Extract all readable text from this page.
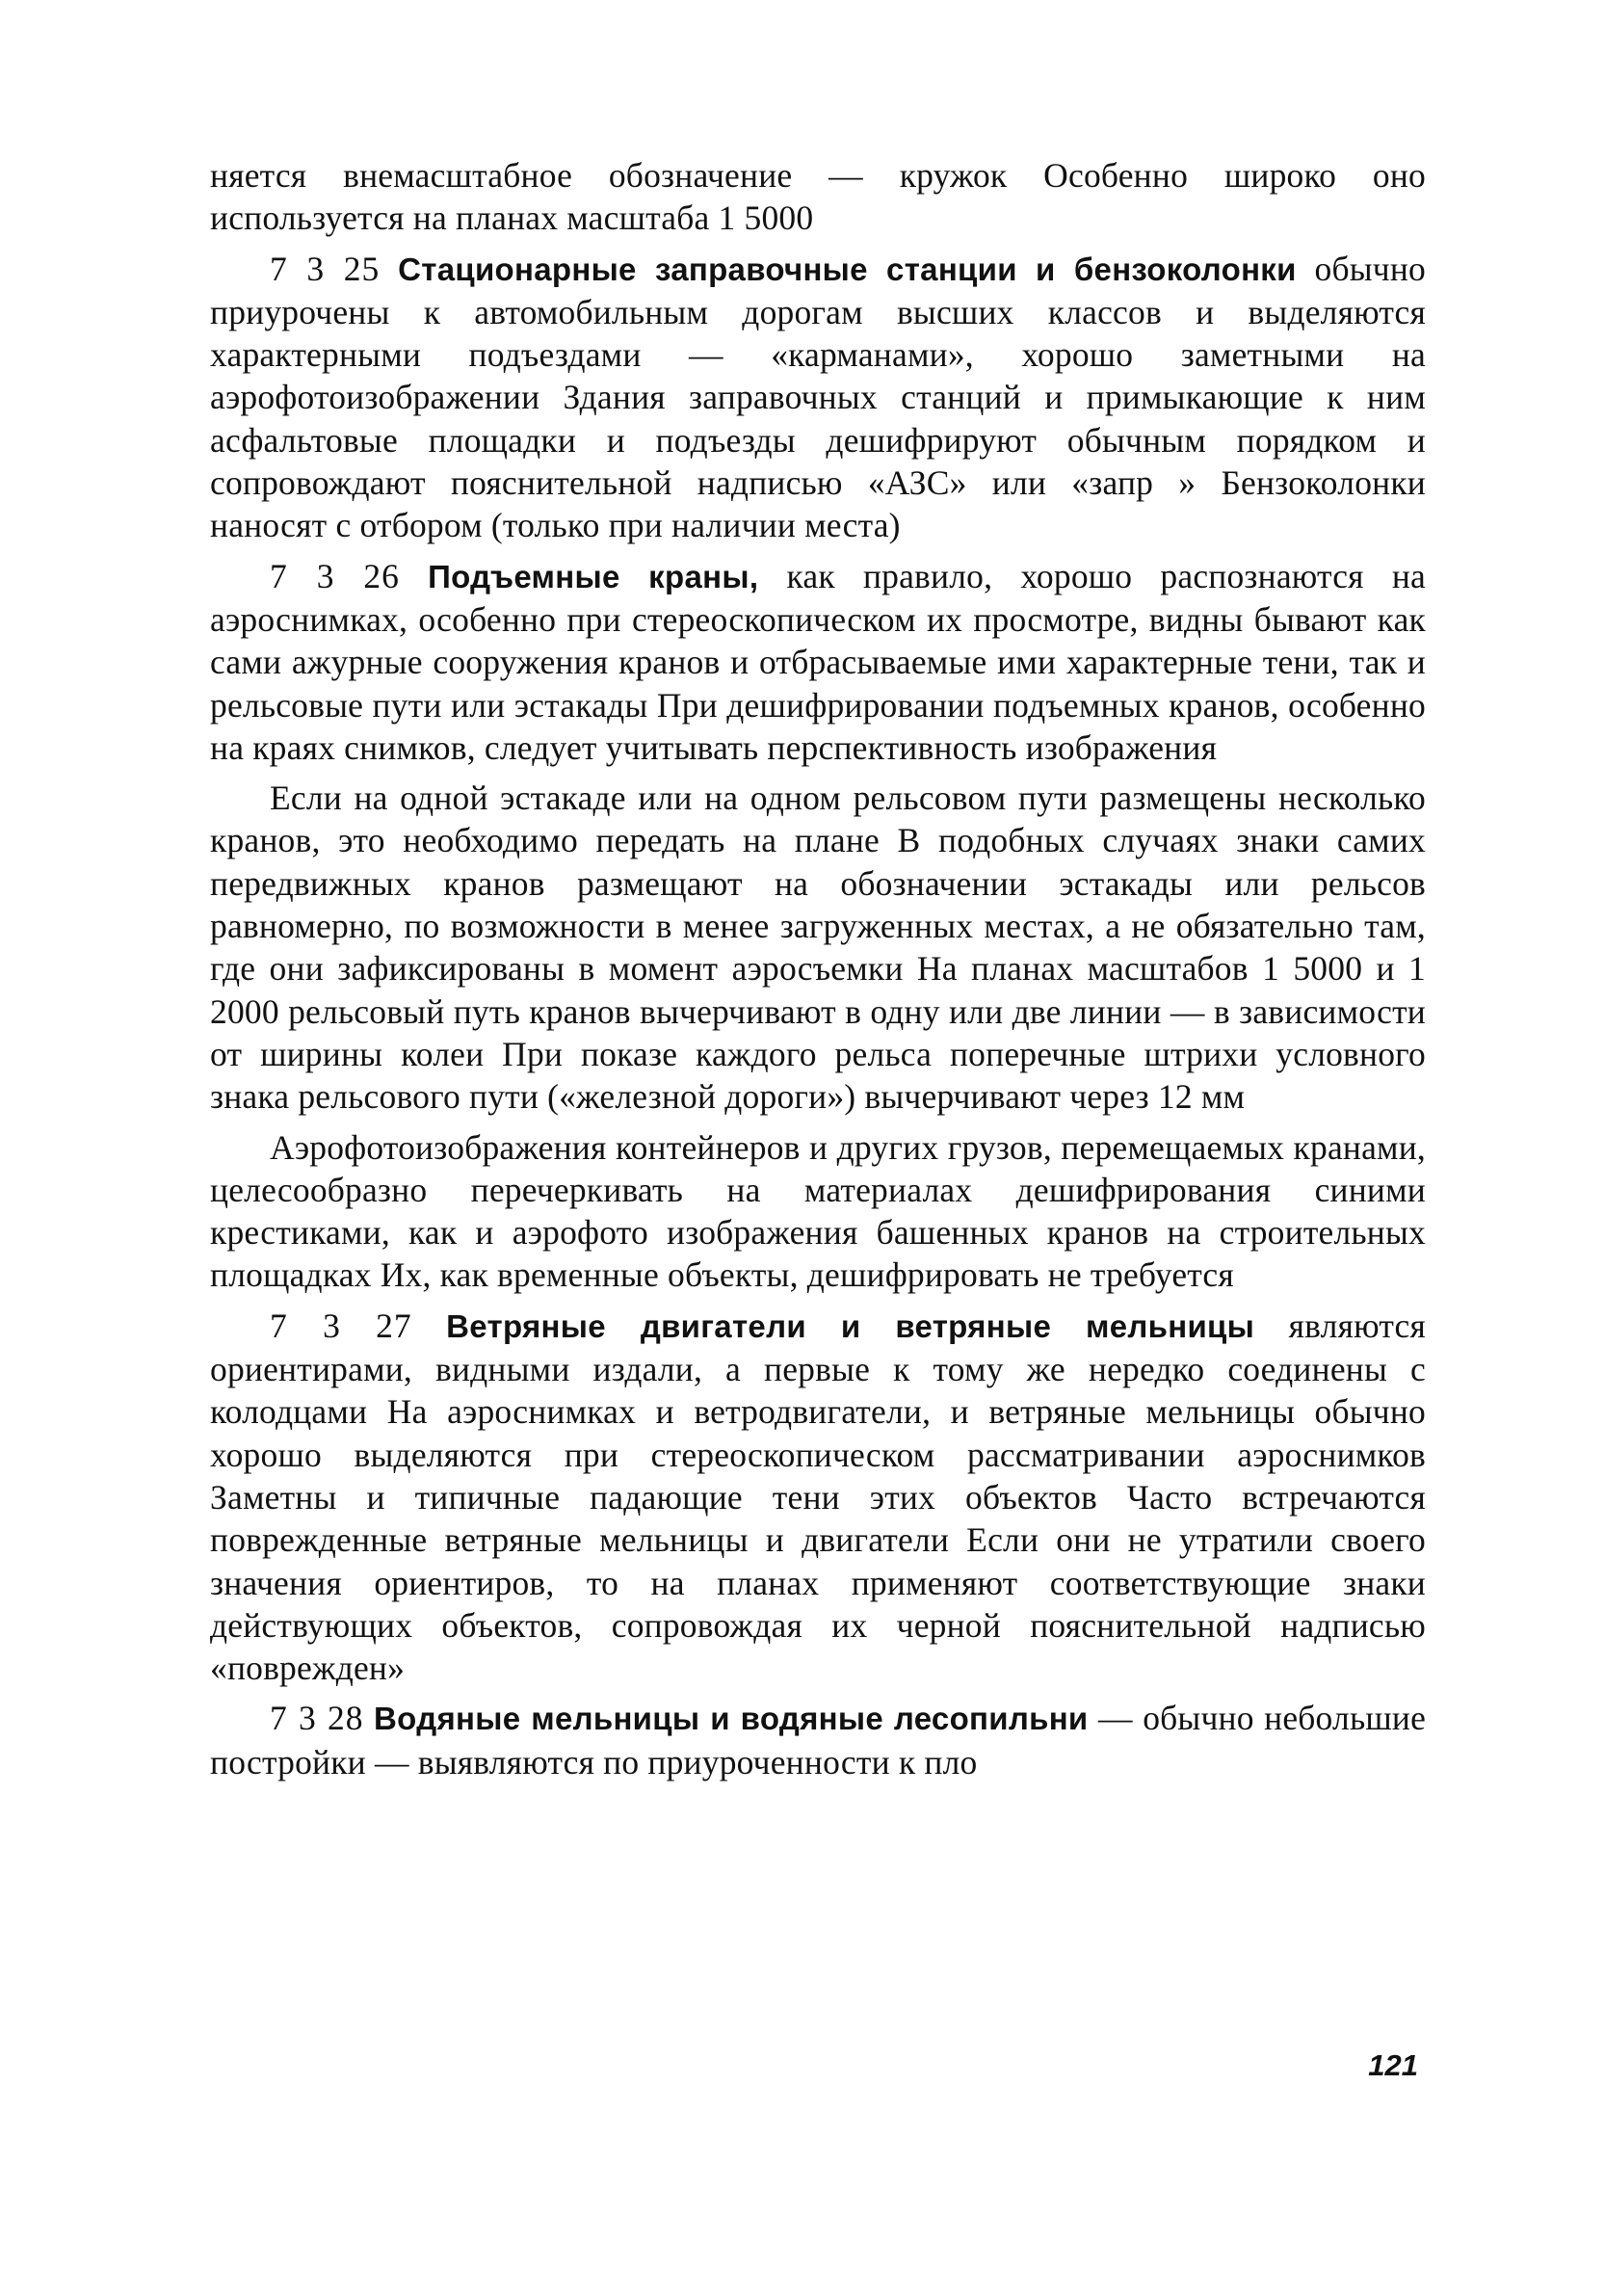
няется внемасштабное обозначение — кружок Особенно широко оно используется на планах масштаба 1 5000

7 3 25 Стационарные заправочные станции и бензоколонки обычно приурочены к автомобильным дорогам высших классов и выделяются характерными подъездами — «карманами», хорошо заметными на аэрофотоизображении Здания заправочных станций и примыкающие к ним асфальтовые площадки и подъезды дешифрируют обычным порядком и сопровождают пояснительной надписью «АЗС» или «запр » Бензоколонки наносят с отбором (только при наличии места)

7 3 26 Подъемные краны, как правило, хорошо распознаются на аэроснимках, особенно при стереоскопическом их просмотре, видны бывают как сами ажурные сооружения кранов и отбрасываемые ими характерные тени, так и рельсовые пути или эстакады При дешифрировании подъемных кранов, особенно на краях снимков, следует учитывать перспективность изображения

Если на одной эстакаде или на одном рельсовом пути размещены несколько кранов, это необходимо передать на плане В подобных случаях знаки самих передвижных кранов размещают на обозначении эстакады или рельсов равномерно, по возможности в менее загруженных местах, а не обязательно там, где они зафиксированы в момент аэросъемки На планах масштабов 1 5000 и 1 2000 рельсовый путь кранов вычерчивают в одну или две линии — в зависимости от ширины колеи При показе каждого рельса поперечные штрихи условного знака рельсового пути («железной дороги») вычерчивают через 12 мм

Аэрофотоизображения контейнеров и других грузов, перемещаемых кранами, целесообразно перечеркивать на материалах дешифрирования синими крестиками, как и аэрофото изображения башенных кранов на строительных площадках Их, как временные объекты, дешифрировать не требуется

7 3 27 Ветряные двигатели и ветряные мельницы являются ориентирами, видными издали, а первые к тому же нередко соединены с колодцами На аэроснимках и ветродвигатели, и ветряные мельницы обычно хорошо выделяются при стереоскопическом рассматривании аэроснимков Заметны и типичные падающие тени этих объектов Часто встречаются поврежденные ветряные мельницы и двигатели Если они не утратили своего значения ориентиров, то на планах применяют соответствующие знаки действующих объектов, сопровождая их черной пояснительной надписью «поврежден»

7 3 28 Водяные мельницы и водяные лесопильни — обычно небольшие постройки — выявляются по приуроченности к пло

121
